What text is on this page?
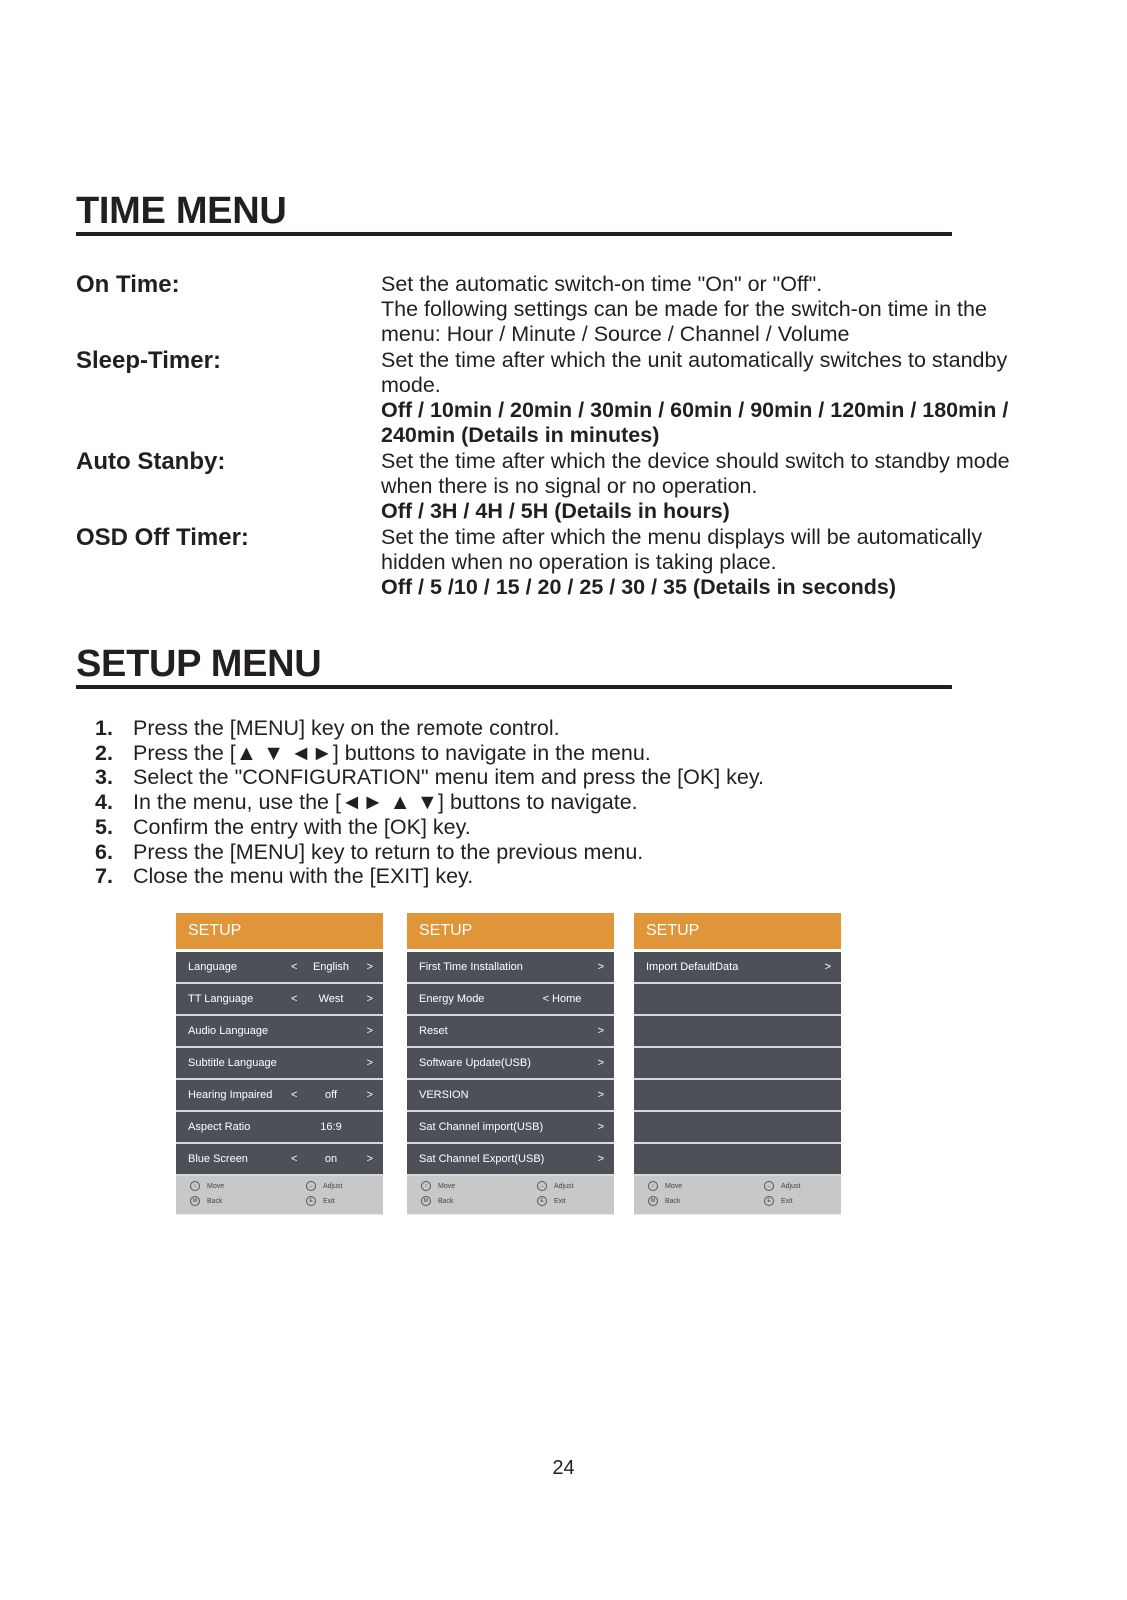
TIME MENU
On Time:	Set the automatic switch-on time "On" or "Off".
The following settings can be made for the switch-on time in the
menu: Hour / Minute / Source / Channel / Volume
Sleep-Timer:	Set the time after which the unit automatically switches to standby
mode.
Off / 10min / 20min / 30min / 60min / 90min / 120min / 180min /
240min (Details in minutes)
Auto Stanby:	Set the time after which the device should switch to standby mode
when there is no signal or no operation.
Off / 3H / 4H / 5H (Details in hours)
OSD Off Timer:	Set the time after which the menu displays will be automatically
hidden when no operation is taking place.
Off / 5 /10 / 15 / 20 / 25 / 30 / 35 (Details in seconds)
SETUP MENU
1. Press the [MENU] key on the remote control.
2. Press the [▲ ▼ ◄►] buttons to navigate in the menu.
3. Select the "CONFIGURATION" menu item and press the [OK] key.
4. In the menu, use the [◄► ▲ ▼] buttons to navigate.
5. Confirm the entry with the [OK] key.
6. Press the [MENU] key to return to the previous menu.
7. Close the menu with the [EXIT] key.
SETUP
Language	<	English	>
TT Language	<	West	>
Audio Language	>
Subtitle Language	>
Hearing Impaired <	off	>
Aspect Ratio	16:9
Blue Screen	<	on	>
↕	Move	↔	Adjust
M	Back	E	Exit
SETUP
First Time Installation	>
Energy Mode	< Home
Reset	>
Software Update(USB)	>
VERSION	>
Sat Channel import(USB)	>
Sat Channel Export(USB)	>
↕	Move	↔	Adjust
M	Back	E	Exit
SETUP
Import DefaultData	>
↕	Move	↔	Adjust
M	Back	E	Exit
24
